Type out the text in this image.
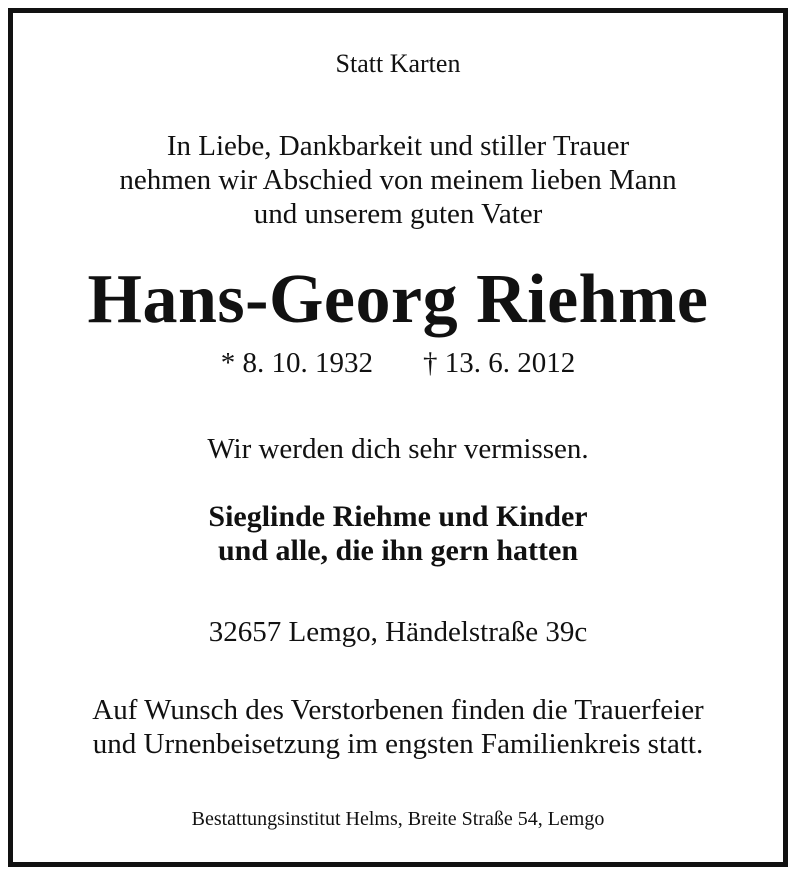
Statt Karten
In Liebe, Dankbarkeit und stiller Trauer
nehmen wir Abschied von meinem lieben Mann
und unserem guten Vater
Hans-Georg Riehme
* 8. 10. 1932 † 13. 6. 2012
Wir werden dich sehr vermissen.
Sieglinde Riehme und Kinder
und alle, die ihn gern hatten
32657 Lemgo, Händelstraße 39c
Auf Wunsch des Verstorbenen finden die Trauerfeier
und Urnenbeisetzung im engsten Familienkreis statt.
Bestattungsinstitut Helms, Breite Straße 54, Lemgo
